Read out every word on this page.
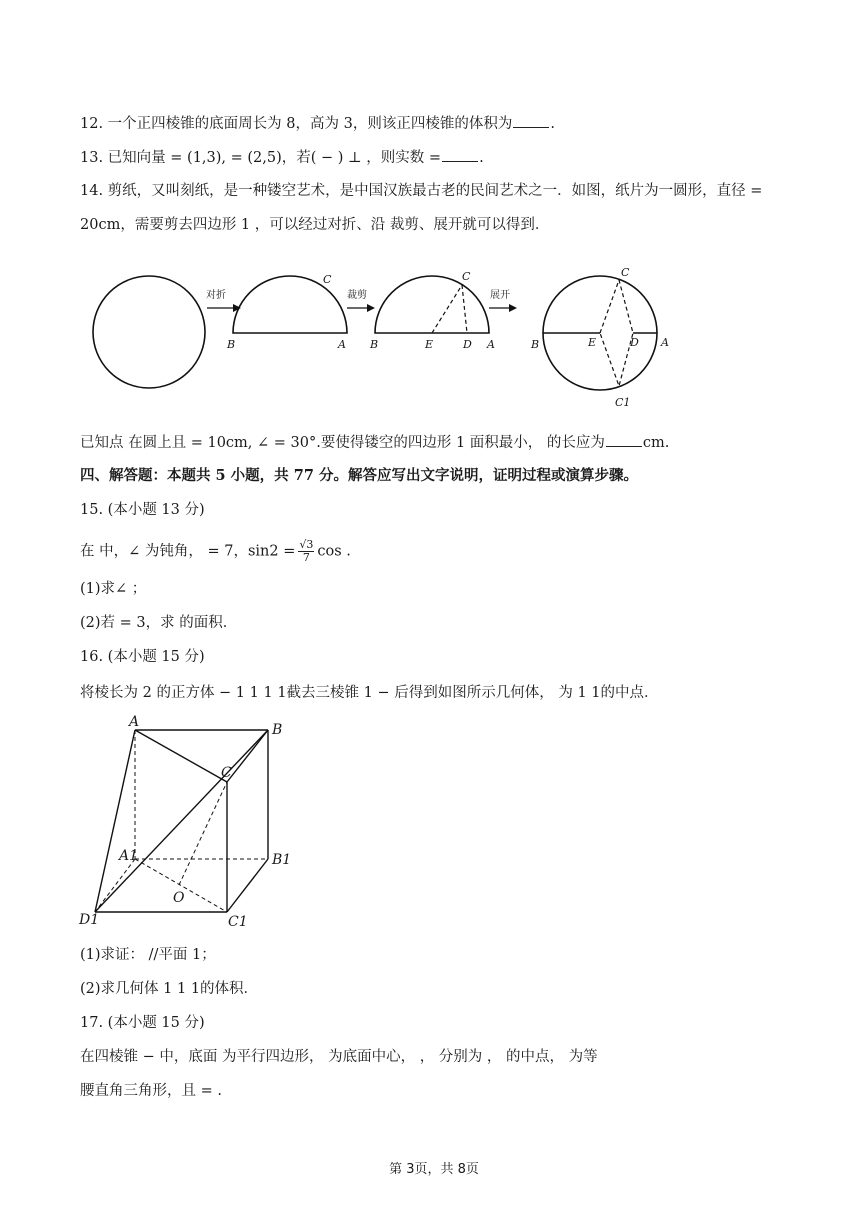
12. 一个正四棱锥的底面周长为 8，高为 3，则该正四棱锥的体积为	.
13. 已知向量 = (1,3), = (2,5)，若( − ) ⊥ ，则实数 =	.
14. 剪纸，又叫刻纸，是一种镂空艺术，是中国汉族最古老的民间艺术之一．如图，纸片为一圆形，直径 =
20cm，需要剪去四边形 1 ，可以经过对折、沿 裁剪、展开就可以得到．
对折
C
B	A
裁剪
C
B	E	D A
展开
C
B	E	D A
C1
已知点 在圆上且 = 10cm, ∠ = 30°.要使得镂空的四边形 1 面积最小， 的长应为	cm.
四、解答题：本题共 5 小题，共 77 分。解答应写出文字说明，证明过程或演算步骤。
15. (本小题 13 分)
在 中，∠ 为钝角， = 7，$\sin 2 = \frac{√3}{7}$ cos .
(1)求∠ ；
(2)若 = 3，求 的面积．
16. (本小题 15 分)
将棱长为 2 的正方体 − 1 1 1 1截去三棱锥 1 − 后得到如图所示几何体， 为 1 1的中点．
A	B
C
A1	B1
O
D1	C1
(1)求证： //平面 1；
(2)求几何体 1 1 1的体积．
17. (本小题 15 分)
在四棱锥 − 中，底面 为平行四边形， 为底面中心， ， 分别为 ， 的中点， 为等
腰直角三角形，且 = .
第 3页，共 8页
